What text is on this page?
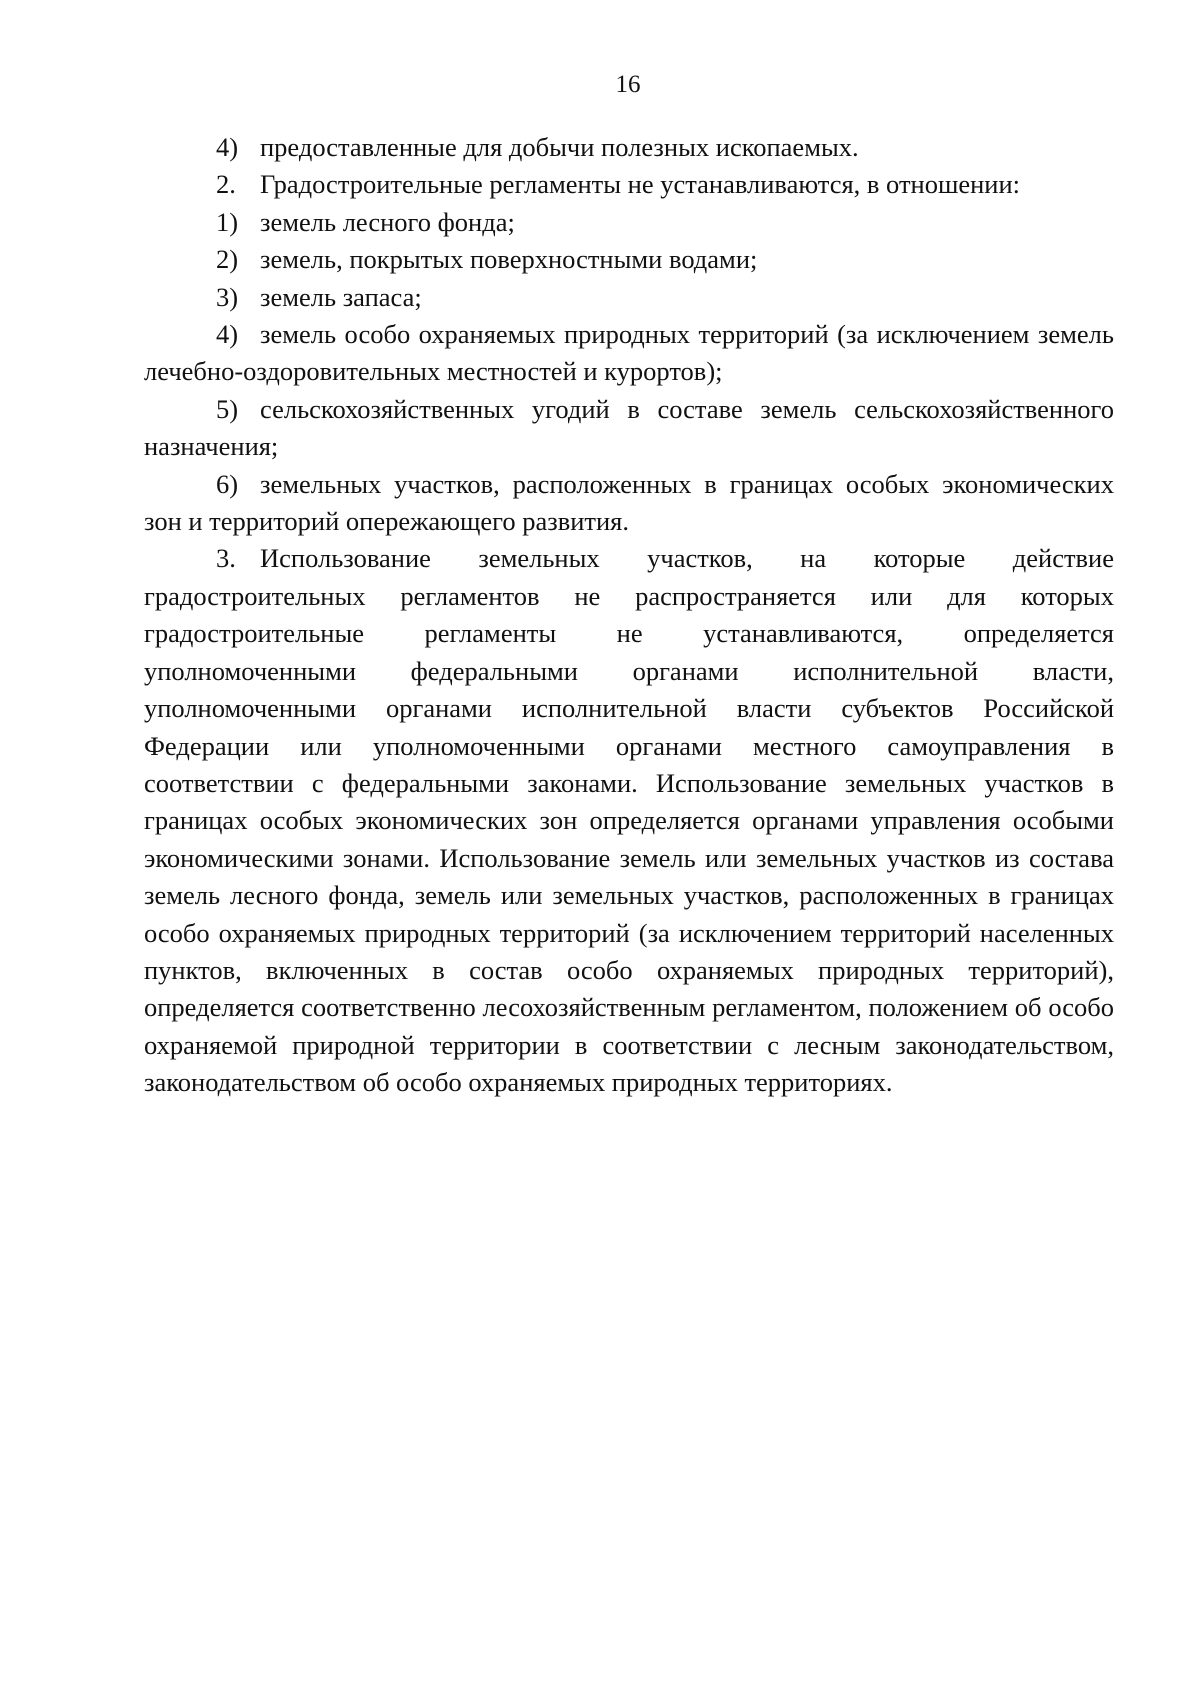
16

4) предоставленные для добычи полезных ископаемых.

2. Градостроительные регламенты не устанавливаются, в отношении:

1) земель лесного фонда;

2) земель, покрытых поверхностными водами;

3) земель запаса;

4) земель особо охраняемых природных территорий (за исключением земель лечебно-оздоровительных местностей и курортов);

5) сельскохозяйственных угодий в составе земель сельскохозяйственного назначения;

6) земельных участков, расположенных в границах особых экономических зон и территорий опережающего развития.

3. Использование земельных участков, на которые действие градостроительных регламентов не распространяется или для которых градостроительные регламенты не устанавливаются, определяется уполномоченными федеральными органами исполнительной власти, уполномоченными органами исполнительной власти субъектов Российской Федерации или уполномоченными органами местного самоуправления в соответствии с федеральными законами. Использование земельных участков в границах особых экономических зон определяется органами управления особыми экономическими зонами. Использование земель или земельных участков из состава земель лесного фонда, земель или земельных участков, расположенных в границах особо охраняемых природных территорий (за исключением территорий населенных пунктов, включенных в состав особо охраняемых природных территорий), определяется соответственно лесохозяйственным регламентом, положением об особо охраняемой природной территории в соответствии с лесным законодательством, законодательством об особо охраняемых природных территориях.
